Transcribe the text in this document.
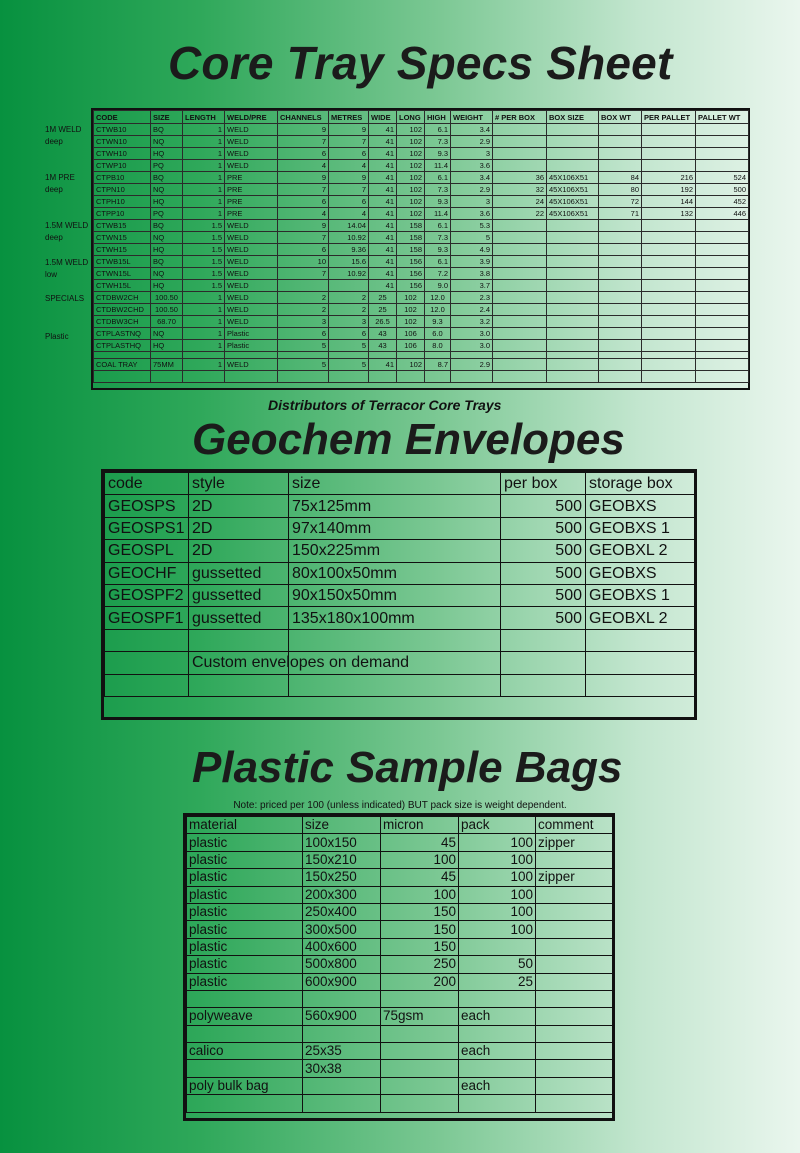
Core Tray Specs Sheet
1M WELD
deep
1M PRE
deep
1.5M WELD
deep
1.5M WELD
low
SPECIALS
Plastic
CODE	SIZE	LENGTH	WELD/PRE	CHANNELS	METRES	WIDE	LONG	HIGH	WEIGHT	# PER BOX	BOX SIZE	BOX WT	PER PALLET	PALLET WT
CTWB10	BQ	1	WELD	9	9	41	102	6.1	3.4					
CTWN10	NQ	1	WELD	7	7	41	102	7.3	2.9					
CTWH10	HQ	1	WELD	6	6	41	102	9.3	3					
CTWP10	PQ	1	WELD	4	4	41	102	11.4	3.6					
CTPB10	BQ	1	PRE	9	9	41	102	6.1	3.4	36	45X106X51	84	216	524
CTPN10	NQ	1	PRE	7	7	41	102	7.3	2.9	32	45X106X51	80	192	500
CTPH10	HQ	1	PRE	6	6	41	102	9.3	3	24	45X106X51	72	144	452
CTPP10	PQ	1	PRE	4	4	41	102	11.4	3.6	22	45X106X51	71	132	446
CTWB15	BQ	1.5	WELD	9	14.04	41	158	6.1	5.3					
CTWN15	NQ	1.5	WELD	7	10.92	41	158	7.3	5					
CTWH15	HQ	1.5	WELD	6	9.36	41	158	9.3	4.9					
CTWB15L	BQ	1.5	WELD	10	15.6	41	156	6.1	3.9					
CTWN15L	NQ	1.5	WELD	7	10.92	41	156	7.2	3.8					
CTWH15L	HQ	1.5	WELD			41	156	9.0	3.7					
CTDBW2CH	100.50	1	WELD	2	2	25	102	12.0	2.3					
CTDBW2CHD	100.50	1	WELD	2	2	25	102	12.0	2.4					
CTDBW3CH	68.70	1	WELD	3	3	26.5	102	9.3	3.2					
CTPLASTNQ	NQ	1	Plastic	6	6	43	106	6.0	3.0					
CTPLASTHQ	HQ	1	Plastic	5	5	43	106	8.0	3.0					

COAL TRAY	75MM	1	WELD	5	5	41	102	8.7	2.9					

Distributors of Terracor Core Trays
Geochem Envelopes
code	style	size	per box	storage box
GEOSPS	2D	75x125mm	500	GEOBXS
GEOSPS1	2D	97x140mm	500	GEOBXS 1
GEOSPL	2D	150x225mm	500	GEOBXL 2
GEOCHF	gussetted	80x100x50mm	500	GEOBXS
GEOSPF2	gussetted	90x150x50mm	500	GEOBXS 1
GEOSPF1	gussetted	135x180x100mm	500	GEOBXL 2

	Custom envelopes on demand			

Plastic Sample Bags
Note: priced per 100 (unless indicated) BUT pack size is weight dependent.
material	size	micron	pack	comment
plastic	100x150	45	100	zipper
plastic	150x210	100	100	
plastic	150x250	45	100	zipper
plastic	200x300	100	100	
plastic	250x400	150	100	
plastic	300x500	150	100	
plastic	400x600	150		
plastic	500x800	250	50	
plastic	600x900	200	25	

polyweave	560x900	75gsm	each	

calico	25x35		each	
	30x38			
poly bulk bag			each	
